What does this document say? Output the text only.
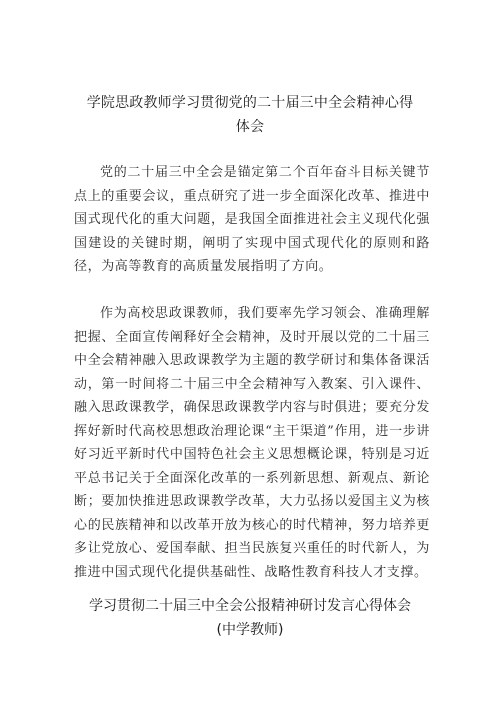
学院思政教师学习贯彻党的二十届三中全会精神心得
体会

党的二十届三中全会是锚定第二个百年奋斗目标关键节点上的重要会议，重点研究了进一步全面深化改革、推进中国式现代化的重大问题，是我国全面推进社会主义现代化强国建设的关键时期，阐明了实现中国式现代化的原则和路径，为高等教育的高质量发展指明了方向。

作为高校思政课教师，我们要率先学习领会、准确理解把握、全面宣传阐释好全会精神，及时开展以党的二十届三中全会精神融入思政课教学为主题的教学研讨和集体备课活动，第一时间将二十届三中全会精神写入教案、引入课件、融入思政课教学，确保思政课教学内容与时俱进；要充分发挥好新时代高校思想政治理论课“主干渠道”作用，进一步讲好习近平新时代中国特色社会主义思想概论课，特别是习近平总书记关于全面深化改革的一系列新思想、新观点、新论断；要加快推进思政课教学改革，大力弘扬以爱国主义为核心的民族精神和以改革开放为核心的时代精神，努力培养更多让党放心、爱国奉献、担当民族复兴重任的时代新人，为推进中国式现代化提供基础性、战略性教育科技人才支撑。

学习贯彻二十届三中全会公报精神研讨发言心得体会
(中学教师)
